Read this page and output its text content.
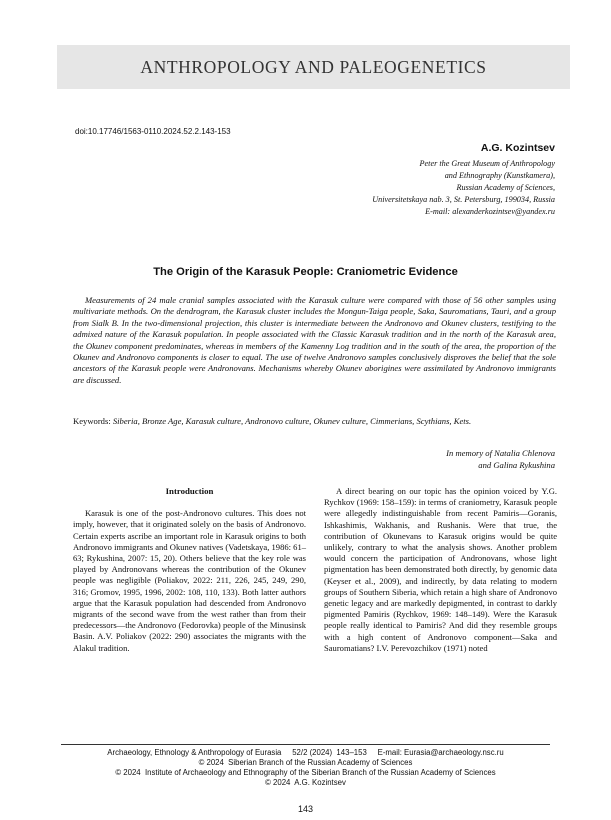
ANTHROPOLOGY AND PALEOGENETICS
doi:10.17746/1563-0110.2024.52.2.143-153
A.G. Kozintsev
Peter the Great Museum of Anthropology
and Ethnography (Kunstkamera),
Russian Academy of Sciences,
Universitetskaya nab. 3, St. Petersburg, 199034, Russia
E-mail: alexanderkozintsev@yandex.ru
The Origin of the Karasuk People: Craniometric Evidence

Measurements of 24 male cranial samples associated with the Karasuk culture were compared with those of 56 other samples using multivariate methods. On the dendrogram, the Karasuk cluster includes the Mongun-Taiga people, Saka, Sauromatians, Tauri, and a group from Sialk B. In the two-dimensional projection, this cluster is intermediate between the Andronovo and Okunev clusters, testifying to the admixed nature of the Karasuk population. In people associated with the Classic Karasuk tradition and in the north of the Karasuk area, the Okunev component predominates, whereas in members of the Kamenny Log tradition and in the south of the area, the proportion of the Okunev and Andronovo components is closer to equal. The use of twelve Andronovo samples conclusively disproves the belief that the sole ancestors of the Karasuk people were Andronovans. Mechanisms whereby Okunev aborigines were assimilated by Andronovo immigrants are discussed.

Keywords: Siberia, Bronze Age, Karasuk culture, Andronovo culture, Okunev culture, Cimmerians, Scythians, Kets.
In memory of Natalia Chlenova
and Galina Rykushina
Introduction

Karasuk is one of the post-Andronovo cultures. This does not imply, however, that it originated solely on the basis of Andronovo. Certain experts ascribe an important role in Karasuk origins to both Andronovo immigrants and Okunev natives (Vadetskaya, 1986: 61–63; Rykushina, 2007: 15, 20). Others believe that the key role was played by Andronovans whereas the contribution of the Okunev people was negligible (Poliakov, 2022: 211, 226, 245, 249, 290, 316; Gromov, 1995, 1996, 2002: 108, 110, 133). Both latter authors argue that the Karasuk population had descended from Andronovo migrants of the second wave from the west rather than from their predecessors—the Andronovo (Fedorovka) people of the Minusinsk Basin. A.V. Poliakov (2022: 290) associates the migrants with the Alakul tradition.

A direct bearing on our topic has the opinion voiced by Y.G. Rychkov (1969: 158–159): in terms of craniometry, Karasuk people were allegedly indistinguishable from recent Pamiris—Goranis, Ishkashimis, Wakhanis, and Rushanis. Were that true, the contribution of Okunevans to Karasuk origins would be quite unlikely, contrary to what the analysis shows. Another problem would concern the participation of Andronovans, whose light pigmentation has been demonstrated both directly, by genomic data (Keyser et al., 2009), and indirectly, by data relating to modern groups of Southern Siberia, which retain a high share of Andronovo genetic legacy and are markedly depigmented, in contrast to darkly pigmented Pamiris (Rychkov, 1969: 148–149). Were the Karasuk people really identical to Pamiris? And did they resemble groups with a high content of Andronovo component—Saka and Sauromatians? I.V. Perevozchikov (1971) noted

Archaeology, Ethnology & Anthropology of Eurasia     52/2 (2024)  143–153     E-mail: Eurasia@archaeology.nsc.ru
© 2024  Siberian Branch of the Russian Academy of Sciences
© 2024  Institute of Archaeology and Ethnography of the Siberian Branch of the Russian Academy of Sciences
© 2024  A.G. Kozintsev
143
